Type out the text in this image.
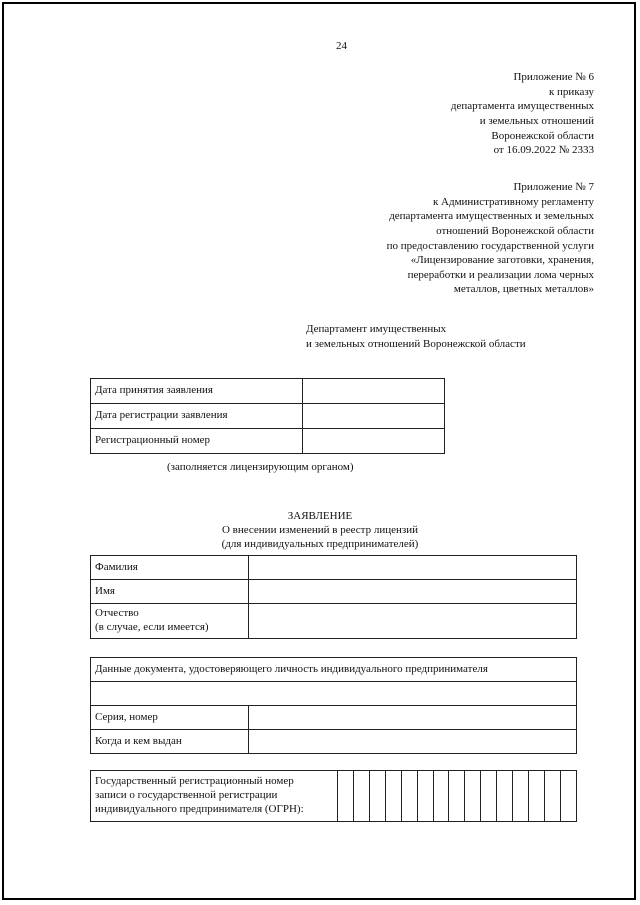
24
Приложение № 6
к приказу
департамента имущественных
и земельных отношений
Воронежской области
от 16.09.2022 № 2333
Приложение № 7
к Административному регламенту
департамента имущественных и земельных
отношений Воронежской области
по предоставлению государственной услуги
«Лицензирование заготовки, хранения,
переработки и реализации лома черных
металлов, цветных металлов»
Департамент имущественных
и земельных отношений Воронежской области
Дата принятия заявления	
Дата регистрации заявления	
Регистрационный номер	
(заполняется лицензирующим органом)
ЗАЯВЛЕНИЕ
О внесении изменений в реестр лицензий
(для индивидуальных предпринимателей)
Фамилия	
Имя	

Отчество
(в случае, если имеется)	

Данные документа, удостоверяющего личность индивидуального предпринимателя	

Серия, номер	
Когда и кем выдан	
Государственный регистрационный номер
записи о государственной регистрации
индивидуального предпринимателя (ОГРН):
